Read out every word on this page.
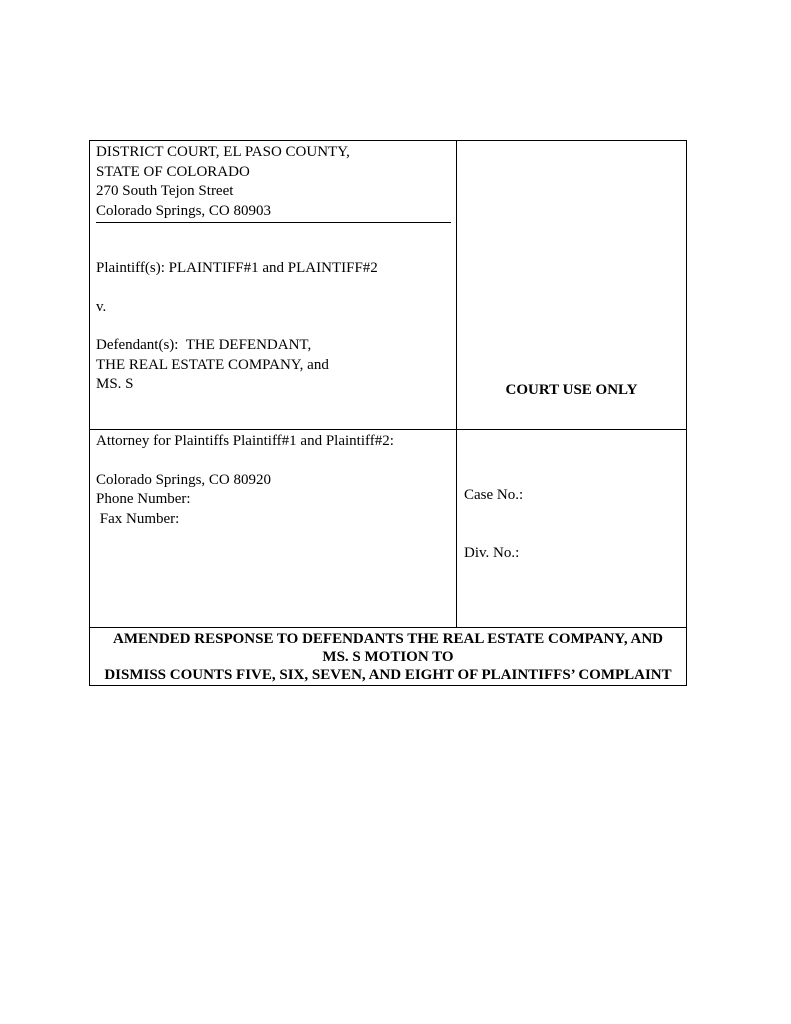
DISTRICT COURT, EL PASO COUNTY,
STATE OF COLORADO
270 South Tejon Street
Colorado Springs, CO 80903
Plaintiff(s): PLAINTIFF#1 and PLAINTIFF#2
v.
Defendant(s):  THE DEFENDANT,
THE REAL ESTATE COMPANY, and
MS. S	COURT USE ONLY
Attorney for Plaintiffs Plaintiff#1 and Plaintiff#2:
Colorado Springs, CO 80920
Phone Number:
Fax Number:
Case No.:
Div. No.:
AMENDED RESPONSE TO DEFENDANTS THE REAL ESTATE COMPANY, AND
MS. S MOTION TO
DISMISS COUNTS FIVE, SIX, SEVEN, AND EIGHT OF PLAINTIFFS’ COMPLAINT
